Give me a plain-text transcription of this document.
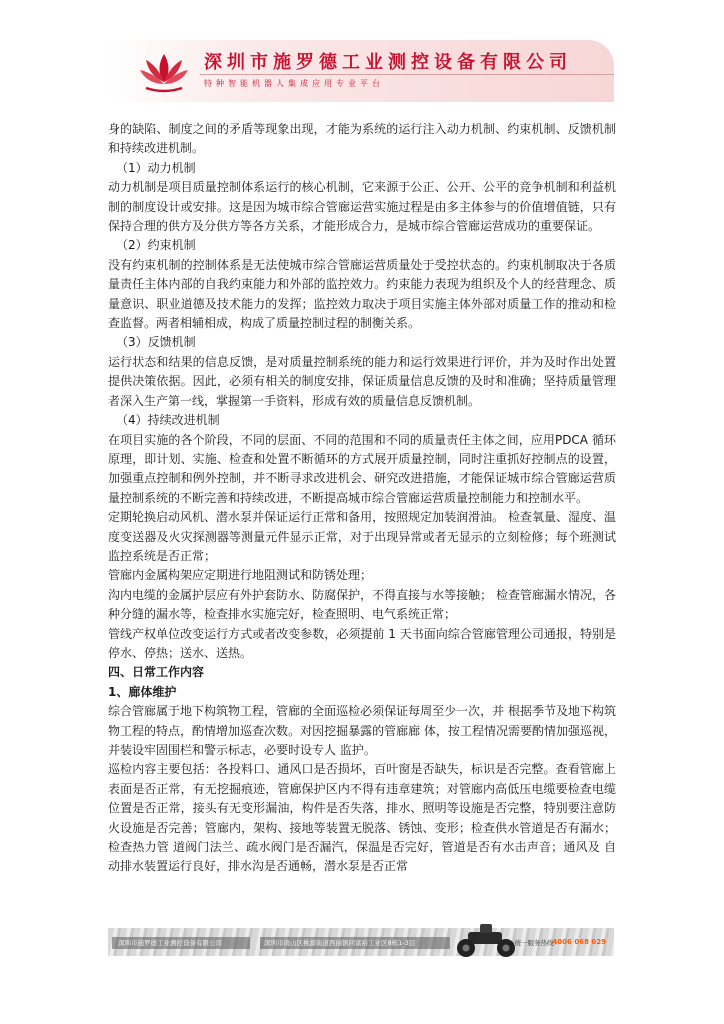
深圳市施罗德工业测控设备有限公司
特种智能机器人集成应用专业平台

身的缺陷、制度之间的矛盾等现象出现，才能为系统的运行注入动力机制、约束机制、反馈机制和持续改进机制。

（1）动力机制

动力机制是项目质量控制体系运行的核心机制，它来源于公正、公开、公平的竞争机制和利益机制的制度设计或安排。这是因为城市综合管廊运营实施过程是由多主体参与的价值增值链，只有保持合理的供方及分供方等各方关系，才能形成合力，是城市综合管廊运营成功的重要保证。

（2）约束机制

没有约束机制的控制体系是无法使城市综合管廊运营质量处于受控状态的。约束机制取决于各质量责任主体内部的自我约束能力和外部的监控效力。约束能力表现为组织及个人的经营理念、质量意识、职业道德及技术能力的发挥；监控效力取决于项目实施主体外部对质量工作的推动和检查监督。两者相辅相成，构成了质量控制过程的制衡关系。

（3）反馈机制

运行状态和结果的信息反馈，是对质量控制系统的能力和运行效果进行评价，并为及时作出处置提供决策依据。因此，必须有相关的制度安排，保证质量信息反馈的及时和准确；坚持质量管理者深入生产第一线，掌握第一手资料，形成有效的质量信息反馈机制。

（4）持续改进机制

在项目实施的各个阶段，不同的层面、不同的范围和不同的质量责任主体之间，应用PDCA 循环原理，即计划、实施、检查和处置不断循环的方式展开质量控制，同时注重抓好控制点的设置，加强重点控制和例外控制，并不断寻求改进机会、研究改进措施，才能保证城市综合管廊运营质量控制系统的不断完善和持续改进，不断提高城市综合管廊运营质量控制能力和控制水平。

定期轮换启动风机、潜水泵并保证运行正常和备用，按照规定加装润滑油。 检查氧量、湿度、温度变送器及火灾探测器等测量元件显示正常，对于出现异常或者无显示的立刻检修；每个班测试监控系统是否正常；

管廊内金属构架应定期进行地阻测试和防锈处理；

沟内电缆的金属护层应有外护套防水、防腐保护，不得直接与水等接触； 检查管廊漏水情况，各种分缝的漏水等，检查排水实施完好，检查照明、电气系统正常；

管线产权单位改变运行方式或者改变参数，必须提前 1 天书面向综合管廊管理公司通报，特别是停水、停热；送水、送热。

四、日常工作内容

1、廊体维护

综合管廊属于地下构筑物工程，管廊的全面巡检必须保证每周至少一次，并 根据季节及地下构筑物工程的特点，酌情增加巡查次数。对因挖掘暴露的管廊廊 体，按工程情况需要酌情加强巡视，并装设牢固围栏和警示标志，必要时设专人 监护。

巡检内容主要包括：各投料口、通风口是否损坏，百叶窗是否缺失，标识是否完整。查看管廊上表面是否正常，有无挖掘痕迹，管廊保护区内不得有违章建筑；对管廊内高低压电缆要检查电缆位置是否正常，接头有无变形漏油，构件是否失落，排水、照明等设施是否完整，特别要注意防火设施是否完善；管廊内，架构、接地等装置无脱落、锈蚀、变形；检查供水管道是否有漏水；检查热力管 道阀门法兰、疏水阀门是否漏汽，保温是否完好，管道是否有水击声音；通风及 自动排水装置运行良好，排水沟是否通畅，潜水泵是否正常

深圳市施罗德工业测控设备有限公司	深圳市南山区桃源街道西丽镇同富裕工业区8栋1-3层	统一服务热线：
4006 068 029
